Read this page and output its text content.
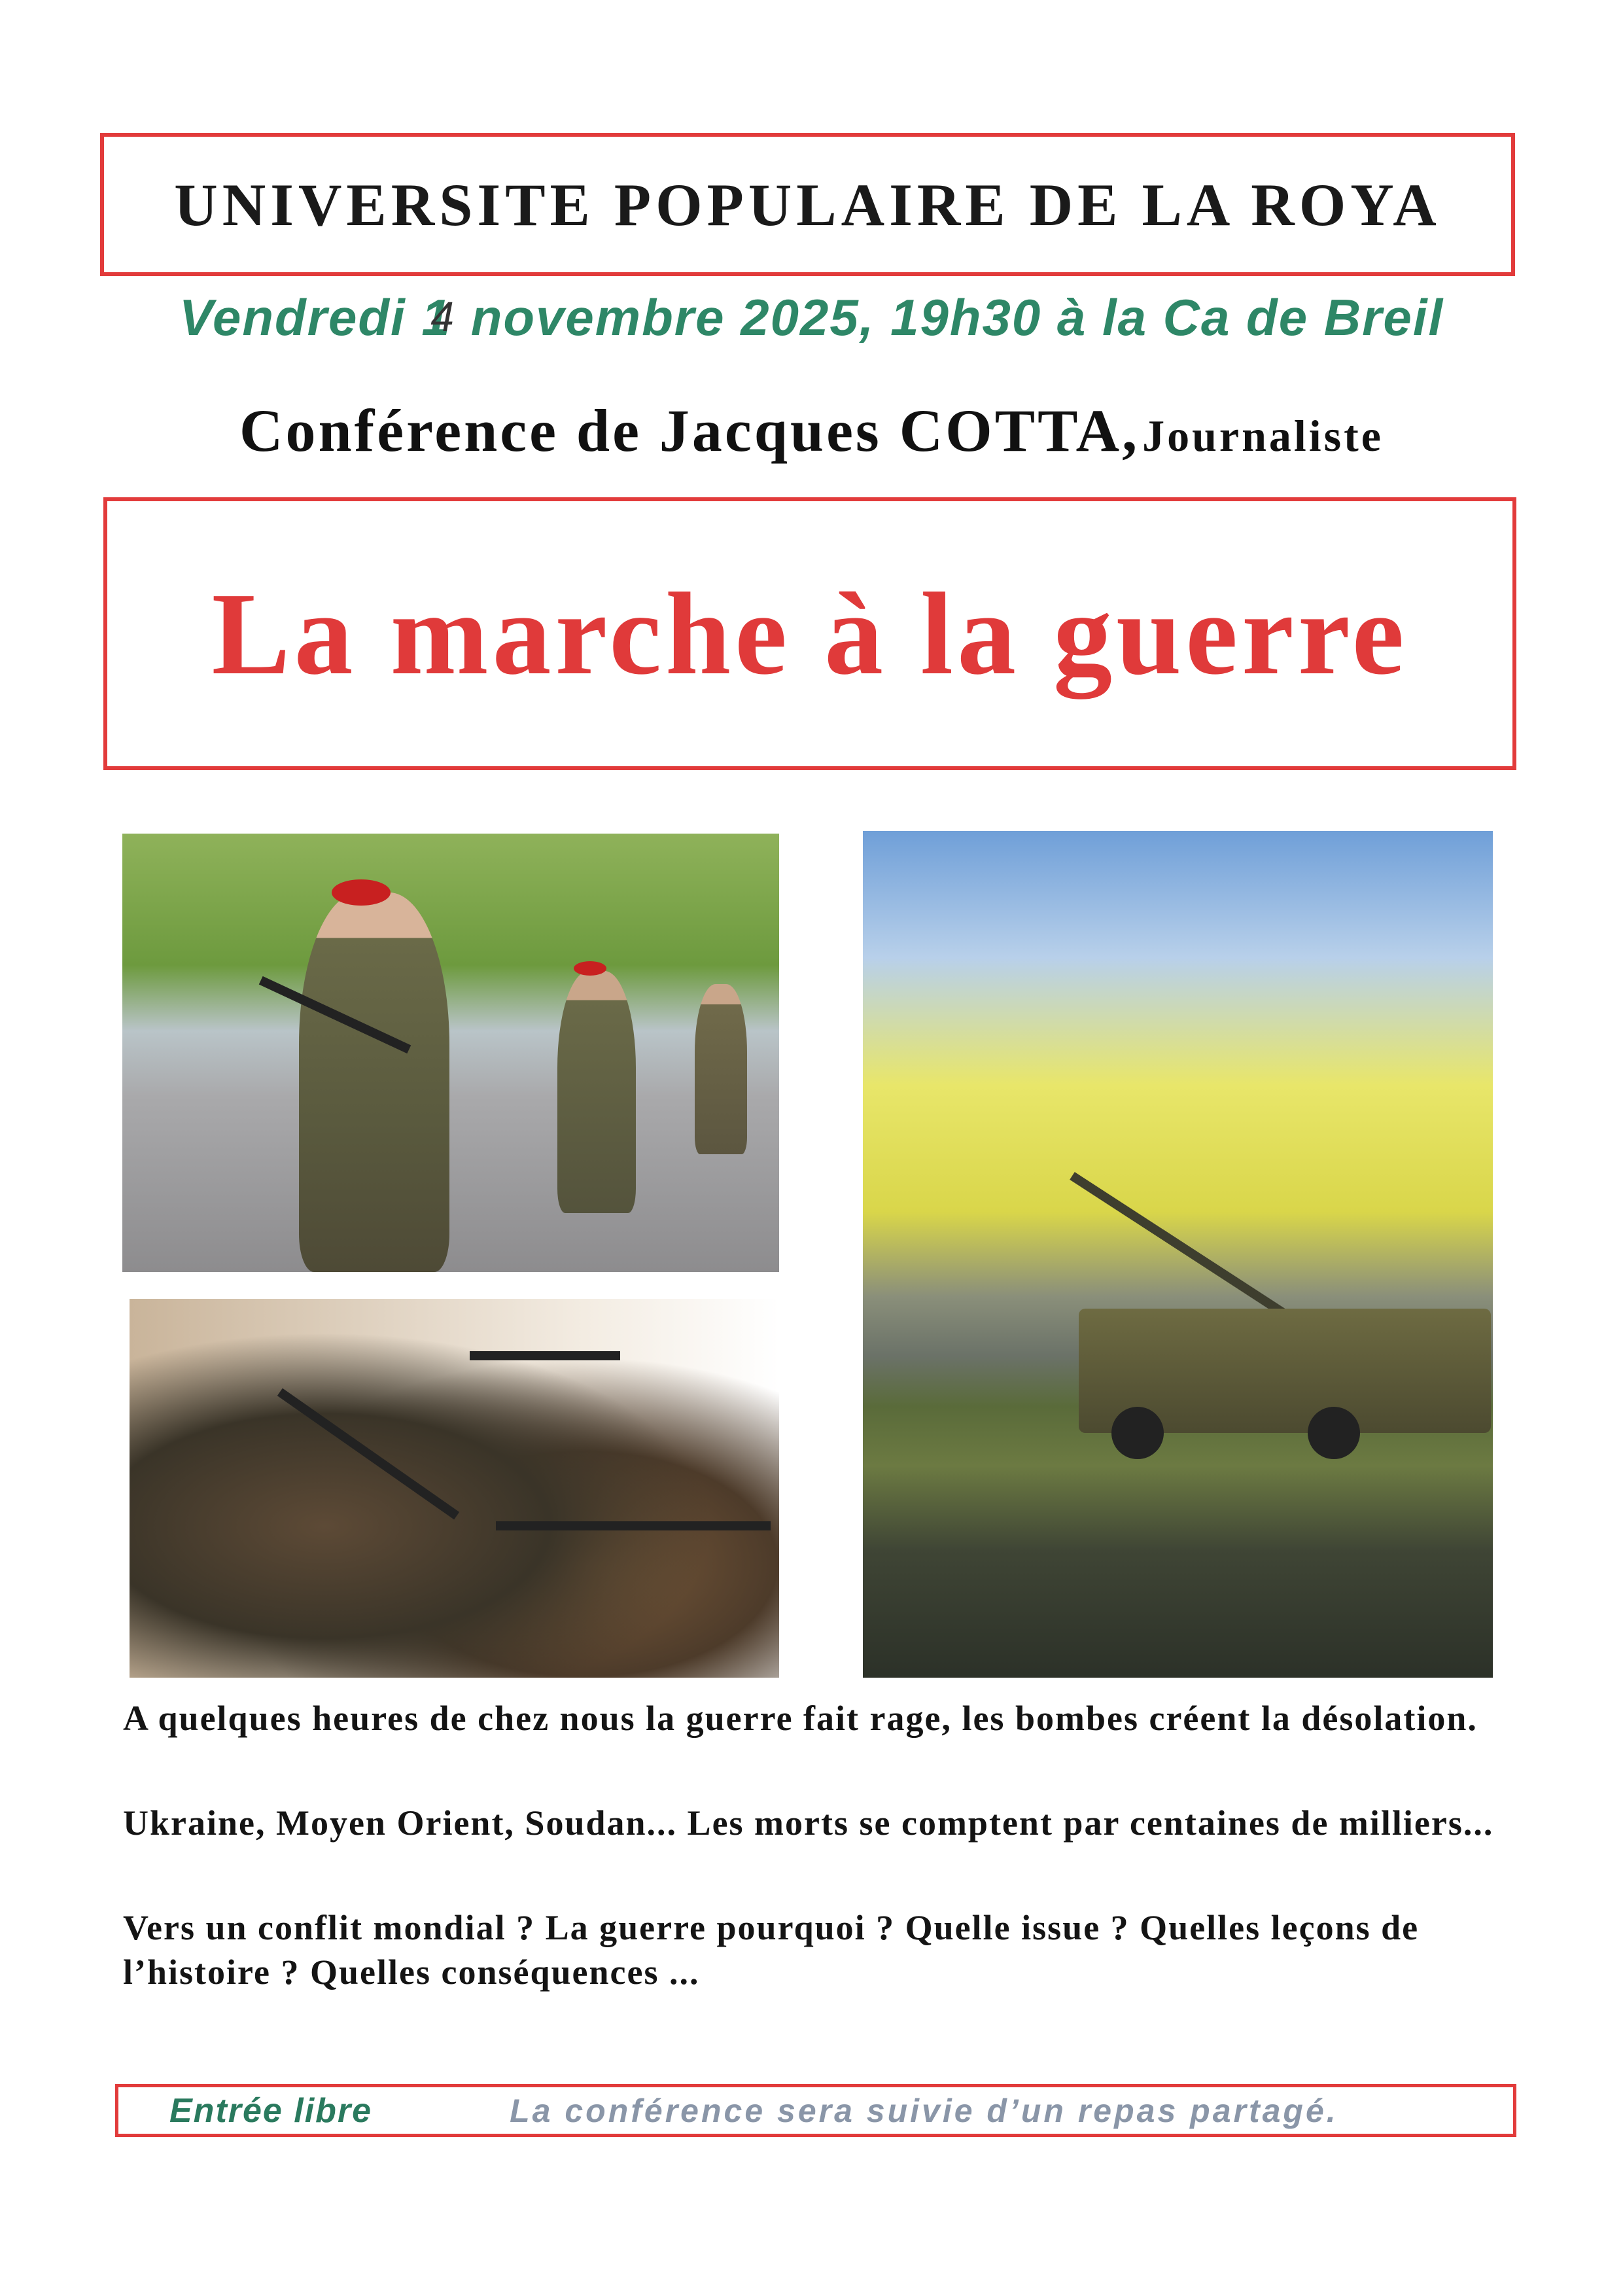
UNIVERSITE POPULAIRE DE LA ROYA
Vendredi 1 4 novembre 2025, 19h30 à la Ca de Breil
Conférence de Jacques COTTA, Journaliste
La marche à la guerre
A quelques heures de chez nous la guerre fait rage, les bombes créent la désolation.
Ukraine, Moyen Orient, Soudan... Les morts se comptent par centaines de milliers...
Vers un conflit mondial ? La guerre pourquoi ? Quelle issue ? Quelles leçons de l’histoire ? Quelles conséquences ...
Entrée libre	La conférence sera suivie d’un repas partagé.
